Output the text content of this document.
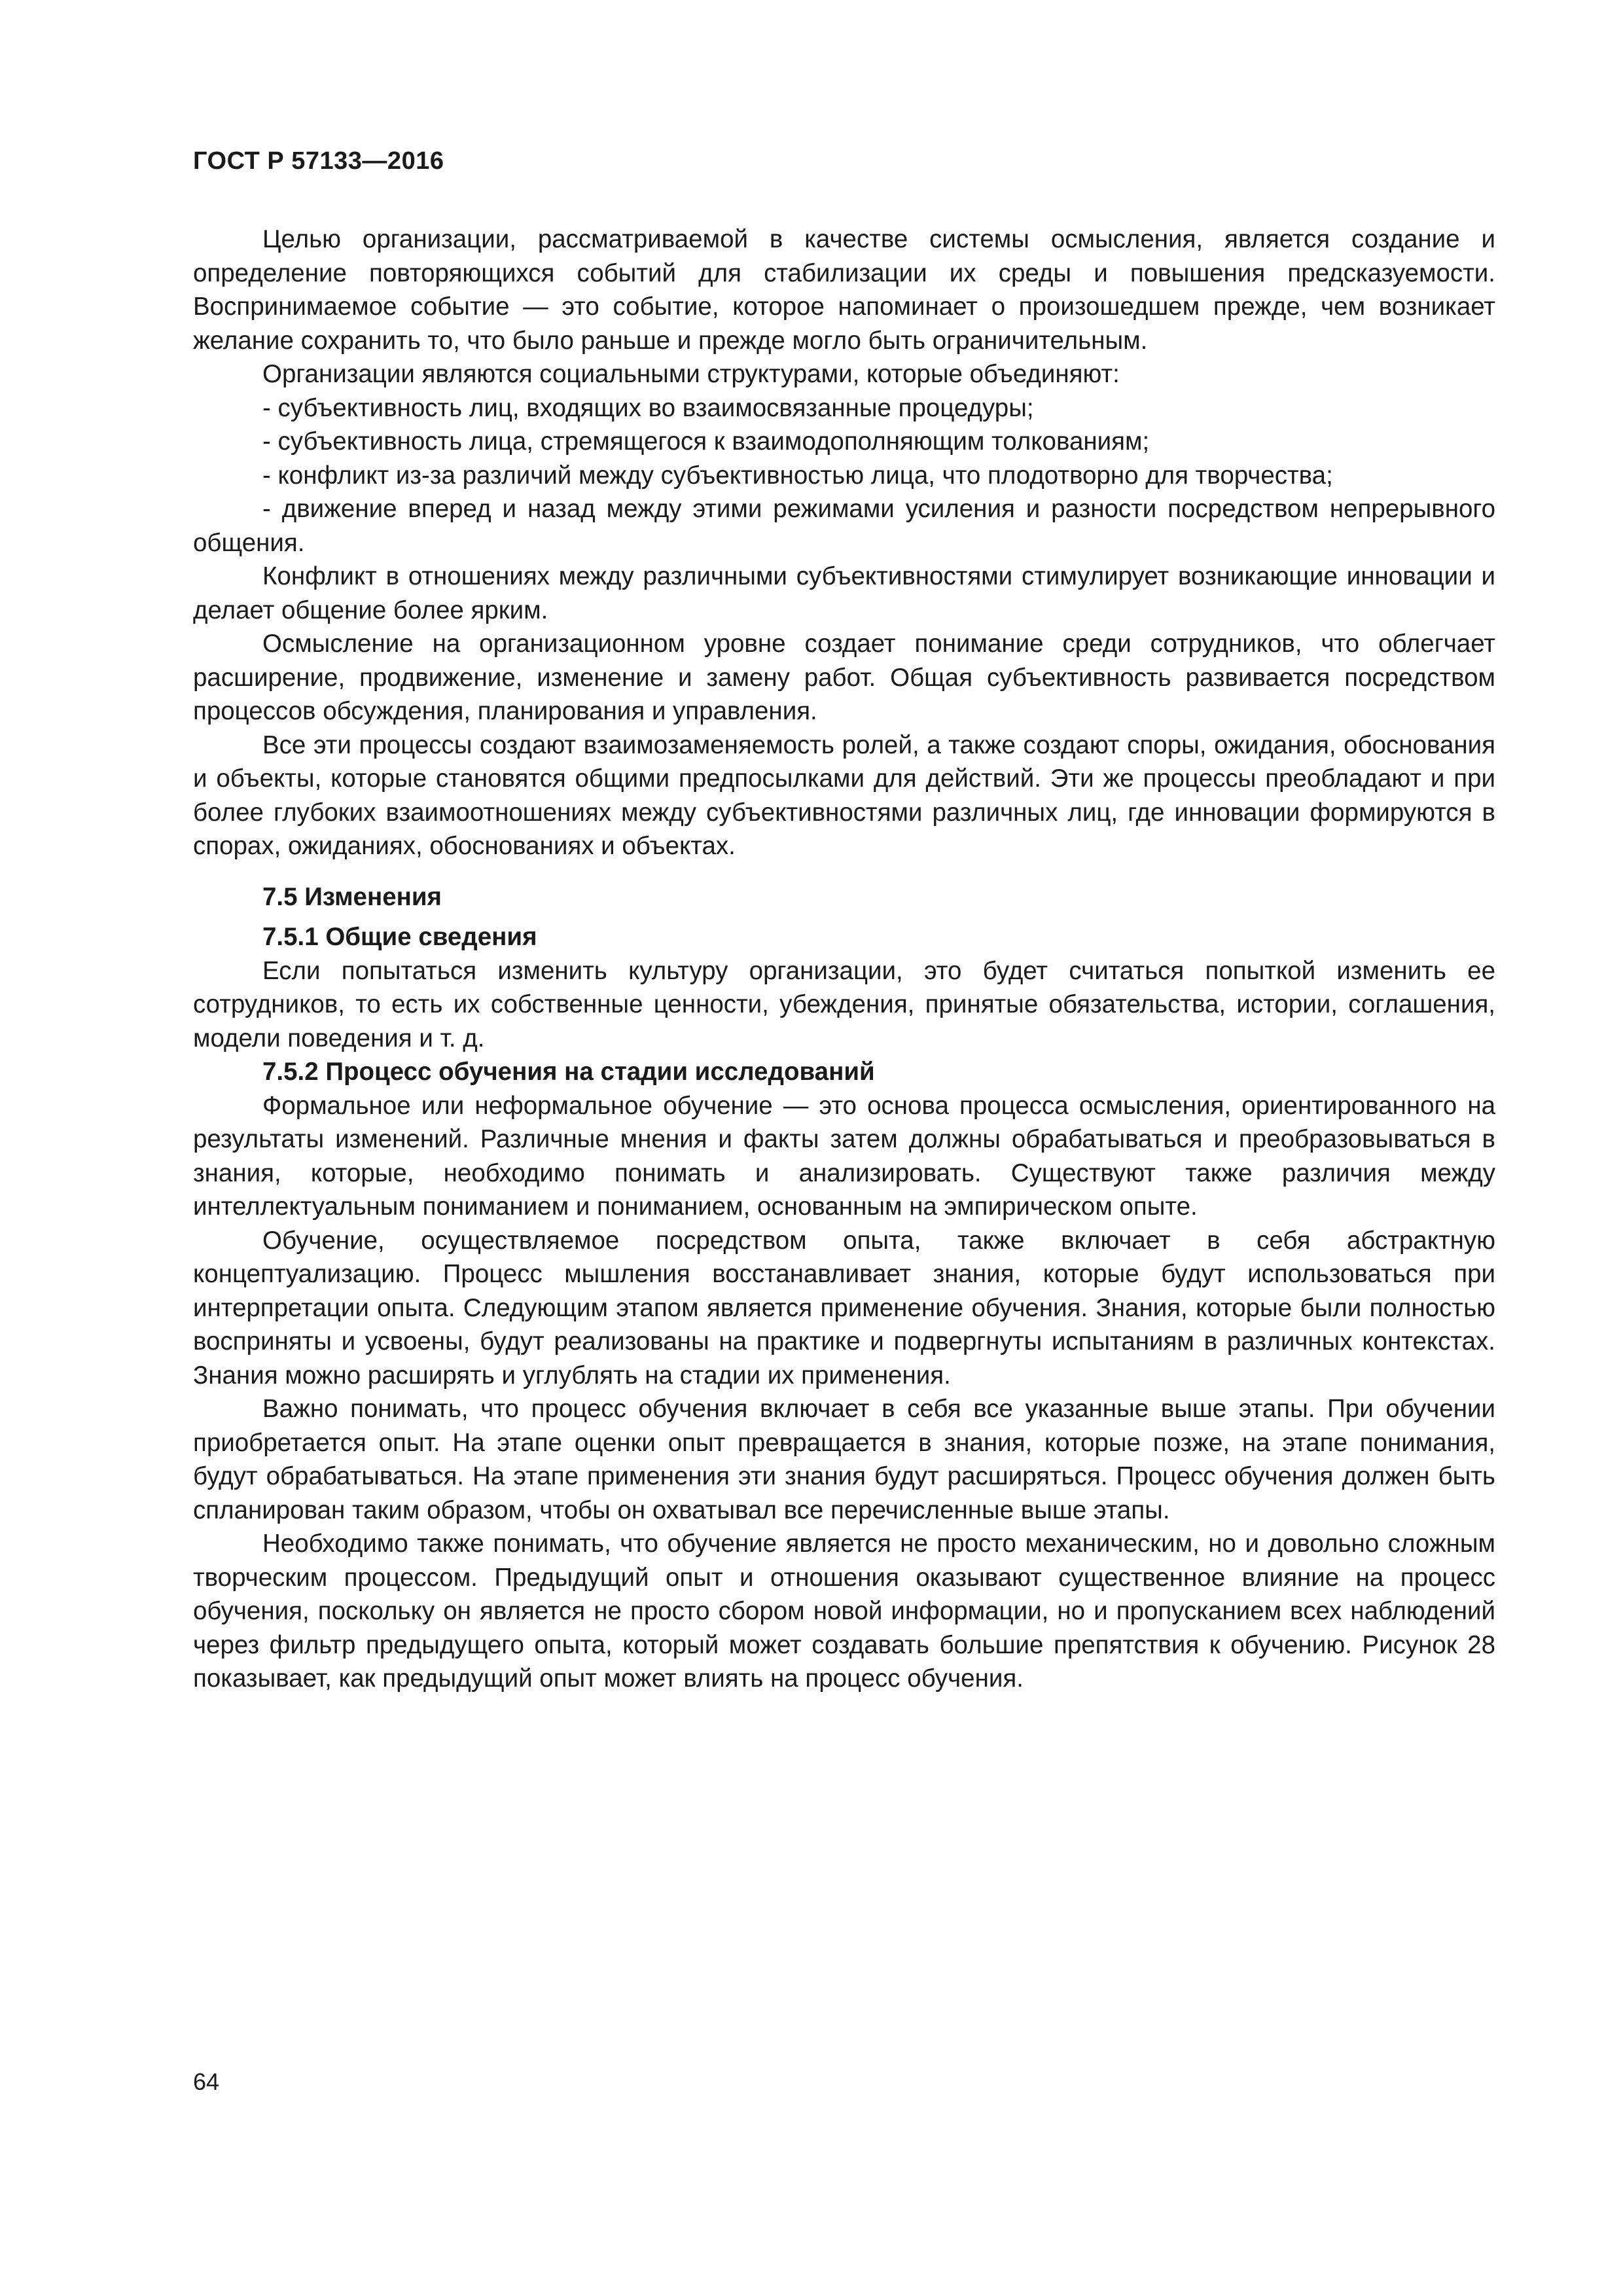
ГОСТ Р 57133—2016

Целью организации, рассматриваемой в качестве системы осмысления, является создание и определение повторяющихся событий для стабилизации их среды и повышения предсказуемости. Воспринимаемое событие — это событие, которое напоминает о произошедшем прежде, чем возникает желание сохранить то, что было раньше и прежде могло быть ограничительным.

Организации являются социальными структурами, которые объединяют:

- субъективность лиц, входящих во взаимосвязанные процедуры;

- субъективность лица, стремящегося к взаимодополняющим толкованиям;

- конфликт из-за различий между субъективностью лица, что плодотворно для творчества;

- движение вперед и назад между этими режимами усиления и разности посредством непрерывного общения.

Конфликт в отношениях между различными субъективностями стимулирует возникающие инновации и делает общение более ярким.

Осмысление на организационном уровне создает понимание среди сотрудников, что облегчает расширение, продвижение, изменение и замену работ. Общая субъективность развивается посредством процессов обсуждения, планирования и управления.

Все эти процессы создают взаимозаменяемость ролей, а также создают споры, ожидания, обоснования и объекты, которые становятся общими предпосылками для действий. Эти же процессы преобладают и при более глубоких взаимоотношениях между субъективностями различных лиц, где инновации формируются в спорах, ожиданиях, обоснованиях и объектах.

7.5 Изменения
7.5.1 Общие сведения

Если попытаться изменить культуру организации, это будет считаться попыткой изменить ее сотрудников, то есть их собственные ценности, убеждения, принятые обязательства, истории, соглашения, модели поведения и т. д.

7.5.2 Процесс обучения на стадии исследований

Формальное или неформальное обучение — это основа процесса осмысления, ориентированного на результаты изменений. Различные мнения и факты затем должны обрабатываться и преобразовываться в знания, которые, необходимо понимать и анализировать. Существуют также различия между интеллектуальным пониманием и пониманием, основанным на эмпирическом опыте.

Обучение, осуществляемое посредством опыта, также включает в себя абстрактную концептуализацию. Процесс мышления восстанавливает знания, которые будут использоваться при интерпретации опыта. Следующим этапом является применение обучения. Знания, которые были полностью восприняты и усвоены, будут реализованы на практике и подвергнуты испытаниям в различных контекстах. Знания можно расширять и углублять на стадии их применения.

Важно понимать, что процесс обучения включает в себя все указанные выше этапы. При обучении приобретается опыт. На этапе оценки опыт превращается в знания, которые позже, на этапе понимания, будут обрабатываться. На этапе применения эти знания будут расширяться. Процесс обучения должен быть спланирован таким образом, чтобы он охватывал все перечисленные выше этапы.

Необходимо также понимать, что обучение является не просто механическим, но и довольно сложным творческим процессом. Предыдущий опыт и отношения оказывают существенное влияние на процесс обучения, поскольку он является не просто сбором новой информации, но и пропусканием всех наблюдений через фильтр предыдущего опыта, который может создавать большие препятствия к обучению. Рисунок 28 показывает, как предыдущий опыт может влиять на процесс обучения.

64
